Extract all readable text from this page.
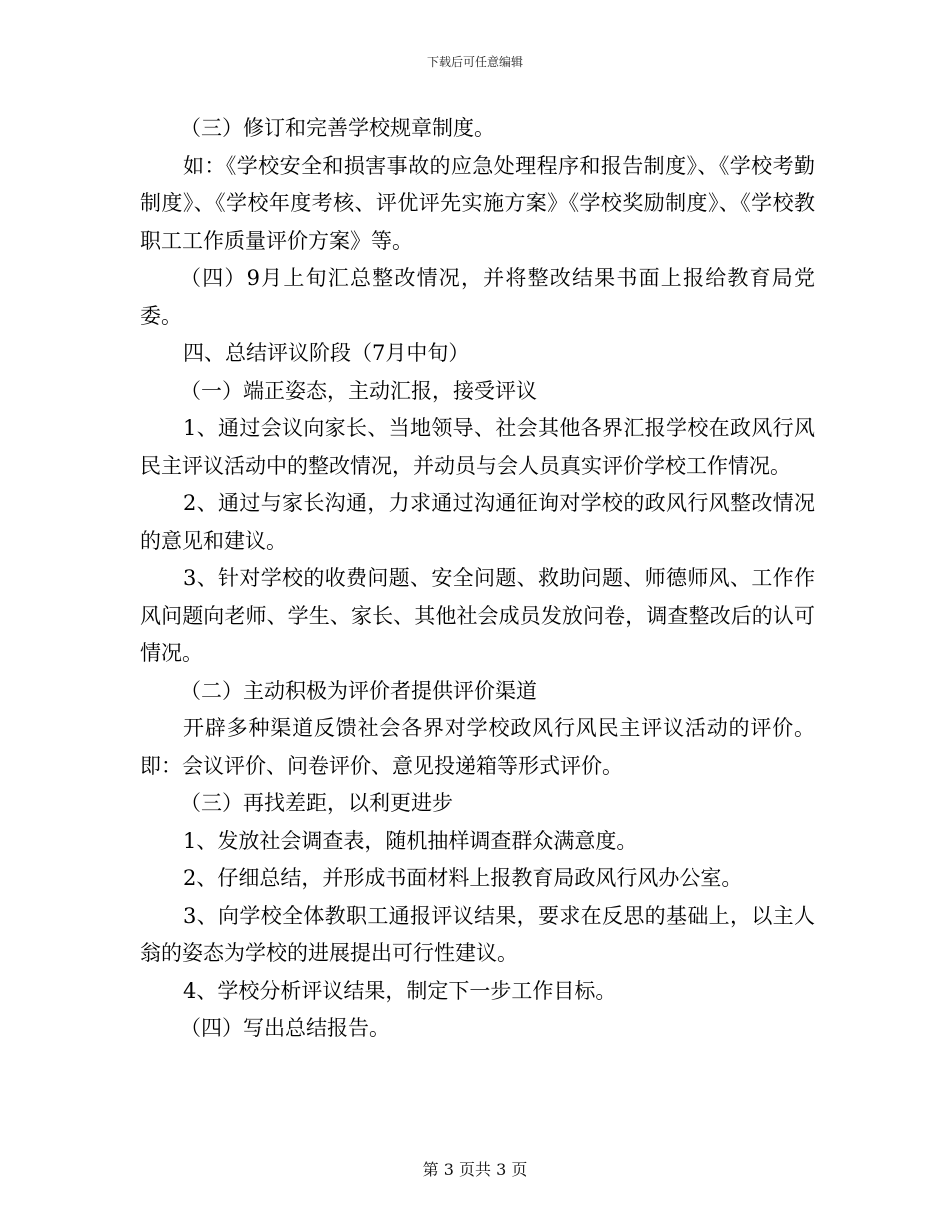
下载后可任意编辑

（三）修订和完善学校规章制度。

如：《学校安全和损害事故的应急处理程序和报告制度》、《学校考勤制度》、《学校年度考核、评优评先实施方案》《学校奖励制度》、《学校教职工工作质量评价方案》等。

（四）9月上旬汇总整改情况，并将整改结果书面上报给教育局党委。

四、总结评议阶段（7月中旬）

（一）端正姿态，主动汇报，接受评议

1、通过会议向家长、当地领导、社会其他各界汇报学校在政风行风民主评议活动中的整改情况，并动员与会人员真实评价学校工作情况。

2、通过与家长沟通，力求通过沟通征询对学校的政风行风整改情况的意见和建议。

3、针对学校的收费问题、安全问题、救助问题、师德师风、工作作风问题向老师、学生、家长、其他社会成员发放问卷，调查整改后的认可情况。

（二）主动积极为评价者提供评价渠道

开辟多种渠道反馈社会各界对学校政风行风民主评议活动的评价。即：会议评价、问卷评价、意见投递箱等形式评价。

（三）再找差距，以利更进步

1、发放社会调查表，随机抽样调查群众满意度。

2、仔细总结，并形成书面材料上报教育局政风行风办公室。

3、向学校全体教职工通报评议结果，要求在反思的基础上，以主人翁的姿态为学校的进展提出可行性建议。

4、学校分析评议结果，制定下一步工作目标。

（四）写出总结报告。

第 3 页共 3 页
